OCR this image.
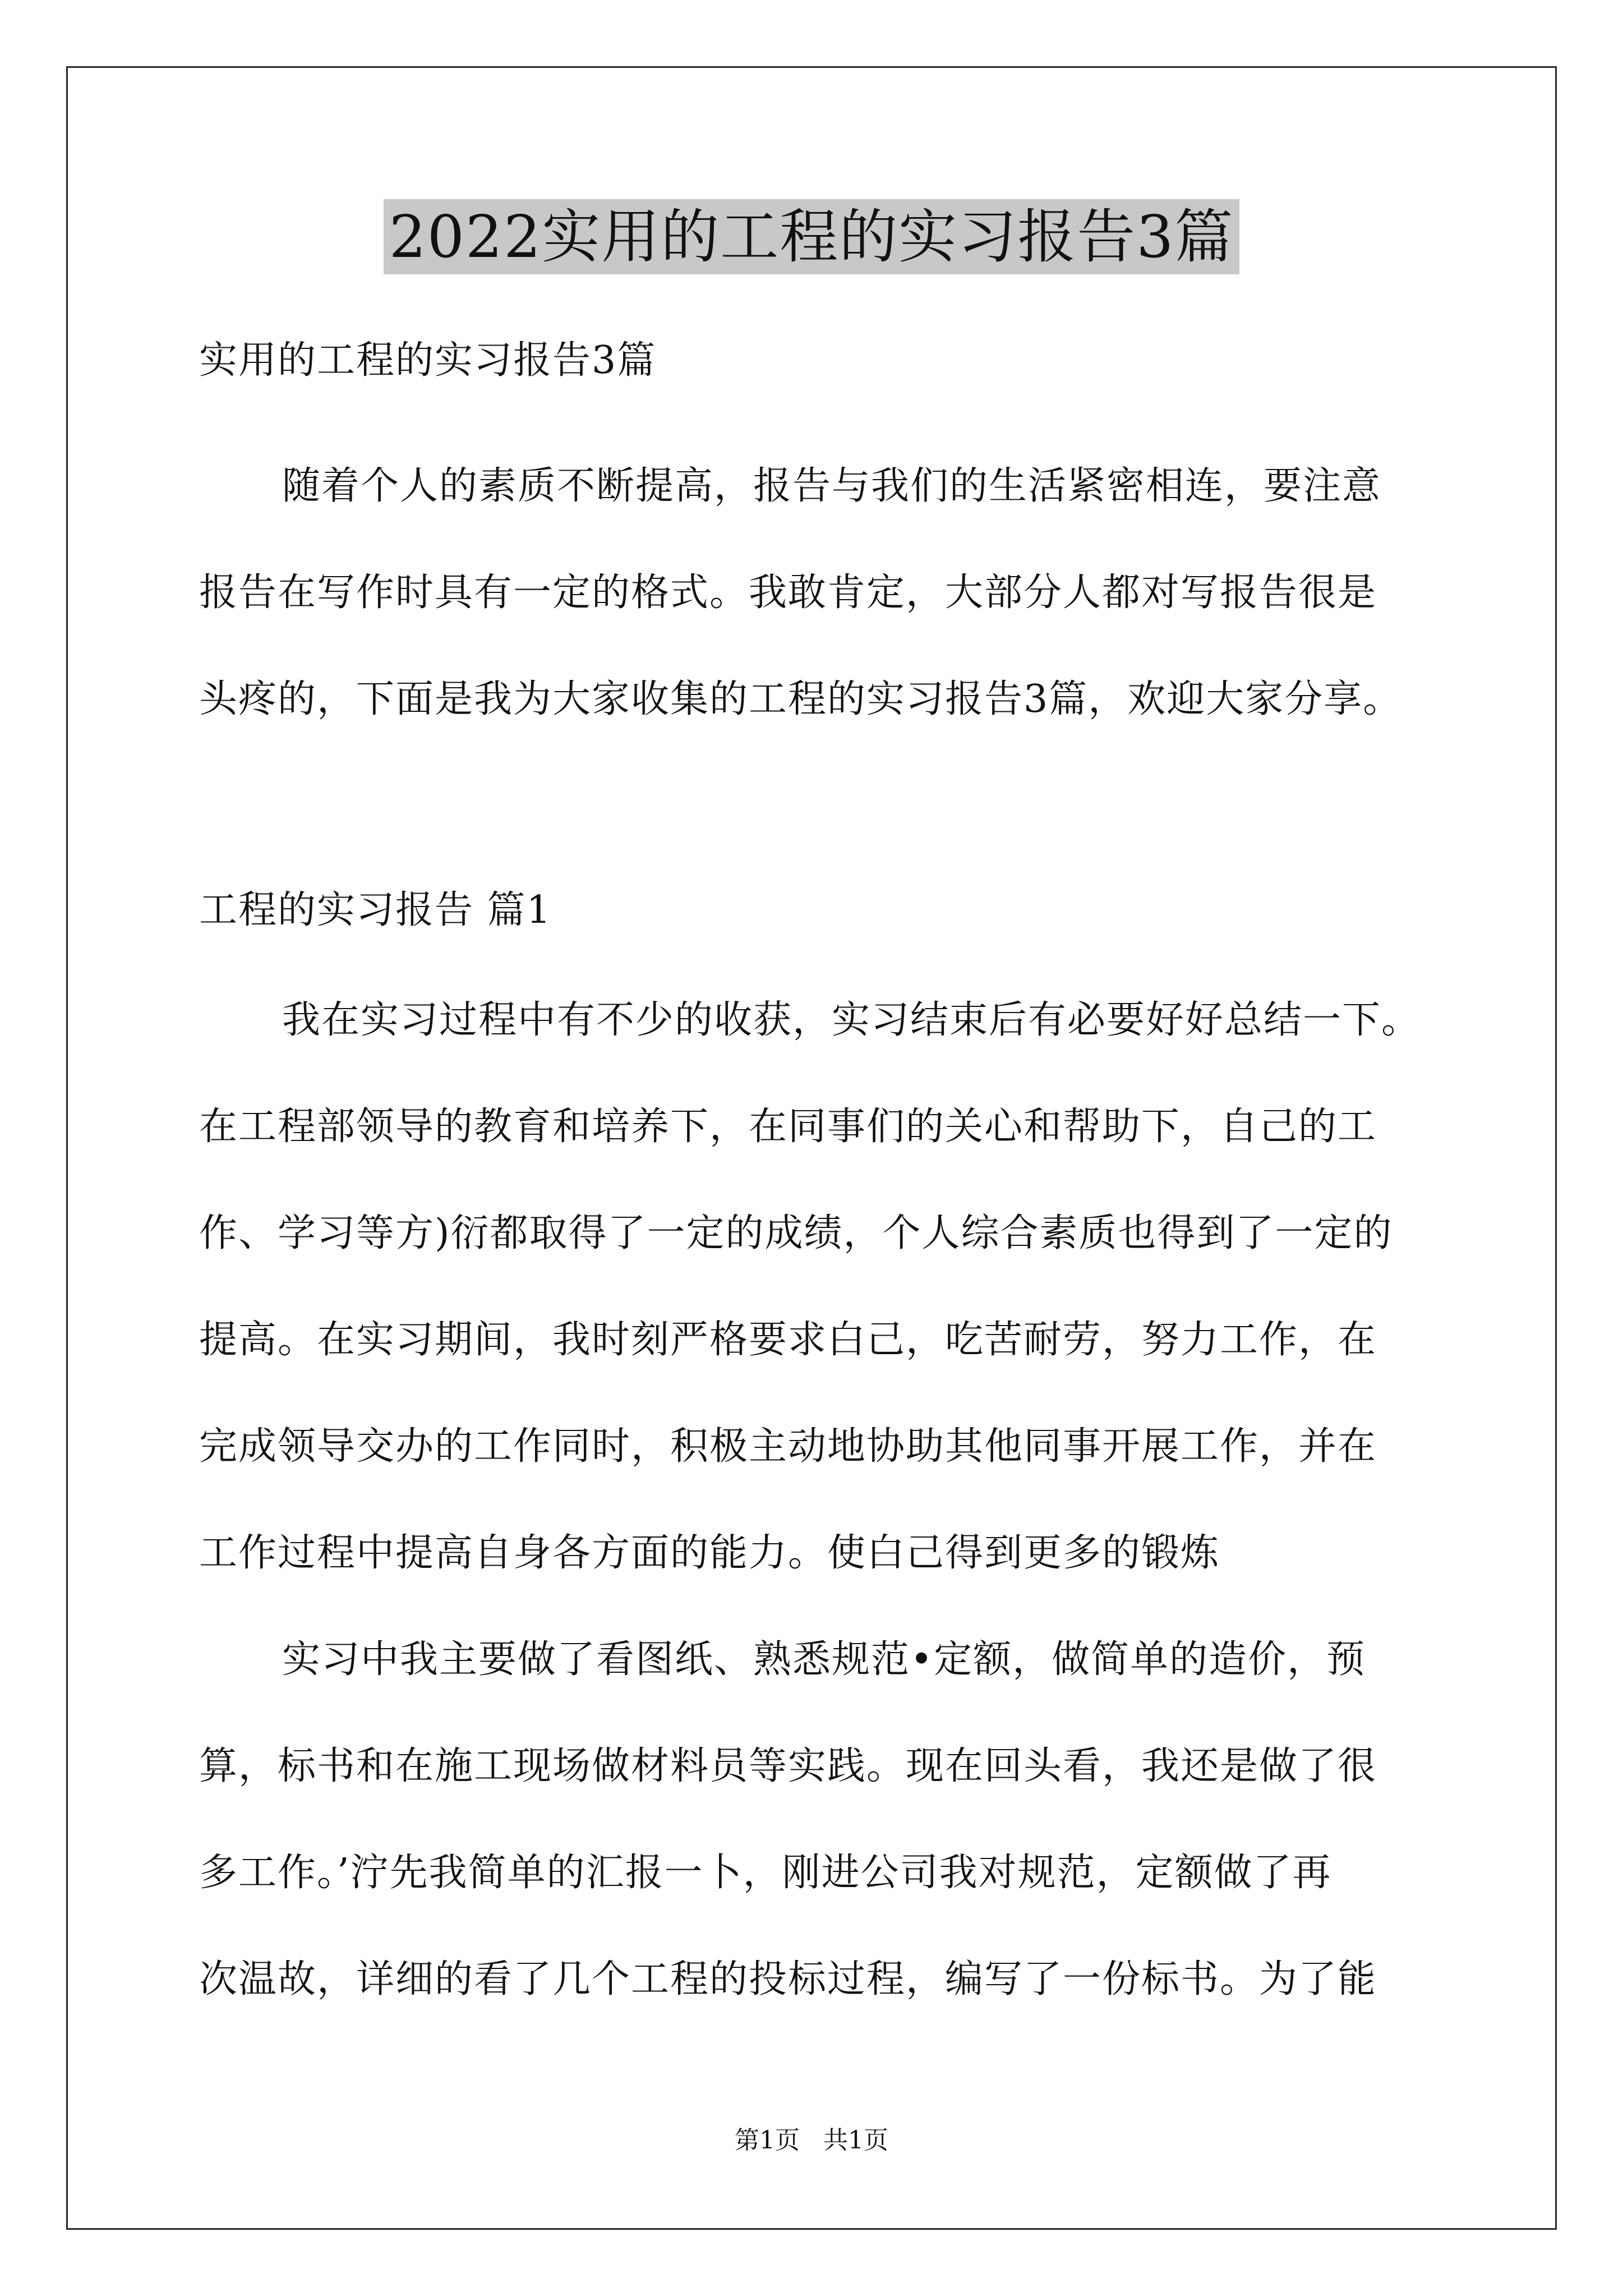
2022实用的工程的实习报告3篇
实用的工程的实习报告3篇
随着个人的素质不断提高，报告与我们的生活紧密相连，要注意
报告在写作时具有一定的格式。我敢肯定，大部分人都对写报告很是
头疼的，下面是我为大家收集的工程的实习报告3篇，欢迎大家分享。
工程的实习报告 篇1
我在实习过程中有不少的收获，实习结束后有必要好好总结一下。
在工程部领导的教育和培养下，在同事们的关心和帮助下，自己的工
作、学习等方)衍都取得了一定的成绩，个人综合素质也得到了一定的
提高。在实习期间，我时刻严格要求白己，吃苦耐劳，努力工作，在
完成领导交办的工作同时，积极主动地协助其他同事开展工作，并在
工作过程中提高自身各方面的能力。使白己得到更多的锻炼
实习中我主要做了看图纸、熟悉规范•定额，做简单的造价，预
算，标书和在施工现场做材料员等实践。现在回头看，我还是做了很
多工作。’泞先我简单的汇报一卜，刚进公司我对规范，定额做了再
次温故，详细的看了几个工程的投标过程，编写了一份标书。为了能
第1页   共1页
